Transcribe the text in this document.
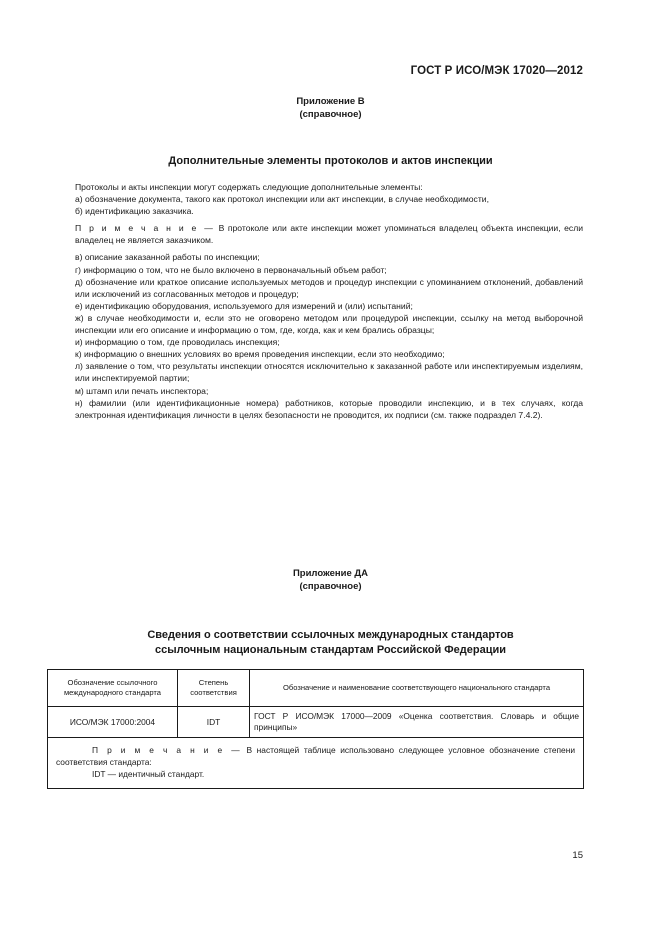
ГОСТ Р ИСО/МЭК 17020—2012
Приложение В
(справочное)
Дополнительные элементы протоколов и актов инспекции

Протоколы и акты инспекции могут содержать следующие дополнительные элементы:

а) обозначение документа, такого как протокол инспекции или акт инспекции, в случае необходимости,

б) идентификацию заказчика.

П р и м е ч а н и е — В протоколе или акте инспекции может упоминаться владелец объекта инспекции, если владелец не является заказчиком.

в) описание заказанной работы по инспекции;

г) информацию о том, что не было включено в первоначальный объем работ;

д) обозначение или краткое описание используемых методов и процедур инспекции с упоминанием отклонений, добавлений или исключений из согласованных методов и процедур;

е) идентификацию оборудования, используемого для измерений и (или) испытаний;

ж) в случае необходимости и, если это не оговорено методом или процедурой инспекции, ссылку на метод выборочной инспекции или его описание и информацию о том, где, когда, как и кем брались образцы;

и) информацию о том, где проводилась инспекция;

к) информацию о внешних условиях во время проведения инспекции, если это необходимо;

л) заявление о том, что результаты инспекции относятся исключительно к заказанной работе или инспектируемым изделиям, или инспектируемой партии;

м) штамп или печать инспектора;

н) фамилии (или идентификационные номера) работников, которые проводили инспекцию, и в тех случаях, когда электронная идентификация личности в целях безопасности не проводится, их подписи (см. также подраздел 7.4.2).

Приложение ДА
(справочное)
Сведения о соответствии ссылочных международных стандартов
ссылочным национальным стандартам Российской Федерации
Обозначение ссылочного международного стандарта	Степень соответствия	Обозначение и наименование соответствующего национального стандарта
ИСО/МЭК 17000:2004	IDT	ГОСТ Р ИСО/МЭК 17000—2009 «Оценка соответствия. Словарь и общие принципы»

П р и м е ч а н и е — В настоящей таблице использовано следующее условное обозначение степени соответствия стандарта:
IDT — идентичный стандарт.		
15
